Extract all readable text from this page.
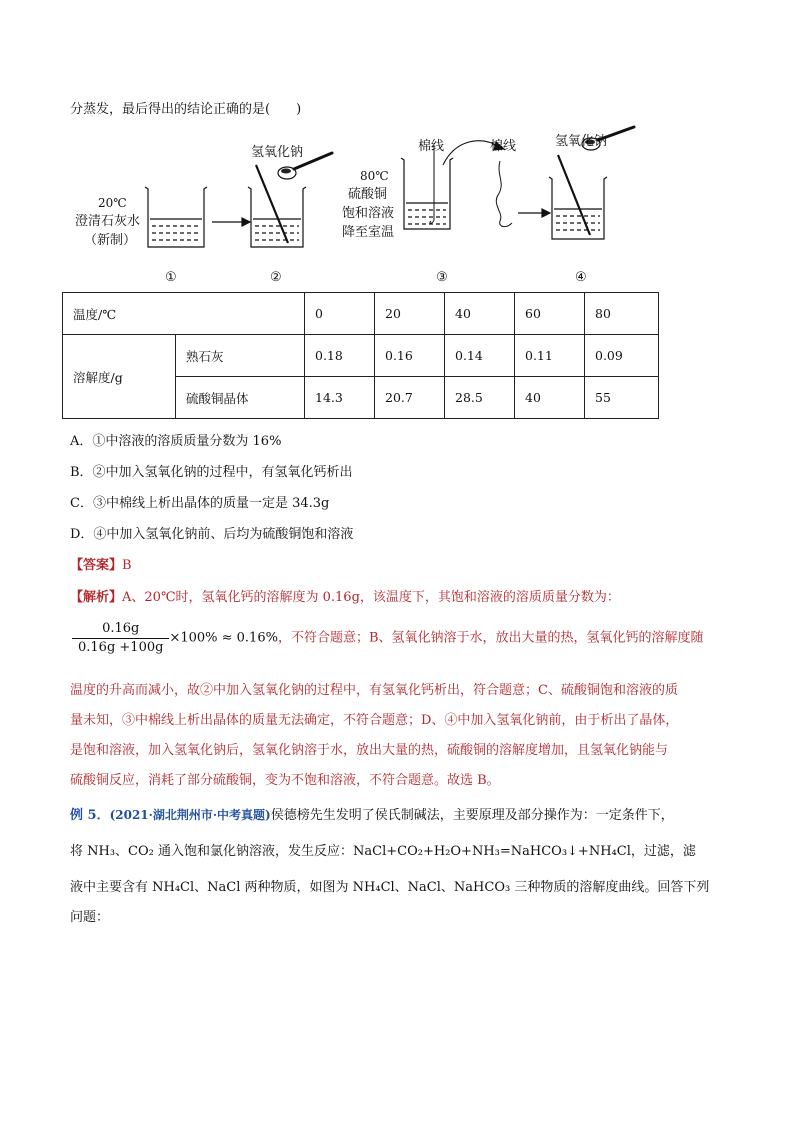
分蒸发，最后得出的结论正确的是(　　)
氢氧化钠
20℃
澄清石灰水
（新制）
80℃
硫酸铜
饱和溶液
降至室温
棉线	棉线	氢氧化钠
①	②	③	④
温度/℃		0	20	40	60	80
溶解度/g	熟石灰	0.18	0.16	0.14	0.11	0.09
	硫酸铜晶体	14.3	20.7	28.5	40	55
A．①中溶液的溶质质量分数为 16%
B．②中加入氢氧化钠的过程中，有氢氧化钙析出
C．③中棉线上析出晶体的质量一定是 34.3g
D．④中加入氢氧化钠前、后均为硫酸铜饱和溶液
【答案】B
【解析】A、20℃时，氢氧化钙的溶解度为 0.16g，该温度下，其饱和溶液的溶质质量分数为：
$\frac{0.16g}{0.16g +100g} \times 100\% \approx 0.16\%$，不符合题意；B、氢氧化钠溶于水，放出大量的热，氢氧化钙的溶解度随
温度的升高而减小，故②中加入氢氧化钠的过程中，有氢氧化钙析出，符合题意；C、硫酸铜饱和溶液的质
量未知，③中棉线上析出晶体的质量无法确定，不符合题意；D、④中加入氢氧化钠前，由于析出了晶体，
是饱和溶液，加入氢氧化钠后，氢氧化钠溶于水，放出大量的热，硫酸铜的溶解度增加，且氢氧化钠能与
硫酸铜反应，消耗了部分硫酸铜，变为不饱和溶液，不符合题意。故选 B。
例 5．(2021·湖北荆州市·中考真题)侯德榜先生发明了侯氏制碱法，主要原理及部分操作为：一定条件下，
将 NH₃、CO₂ 通入饱和氯化钠溶液，发生反应：NaCl+CO₂+H₂O+NH₃=NaHCO₃↓+NH₄Cl，过滤，滤
液中主要含有 NH₄Cl、NaCl 两种物质，如图为 NH₄Cl、NaCl、NaHCO₃ 三种物质的溶解度曲线。回答下列
问题：
